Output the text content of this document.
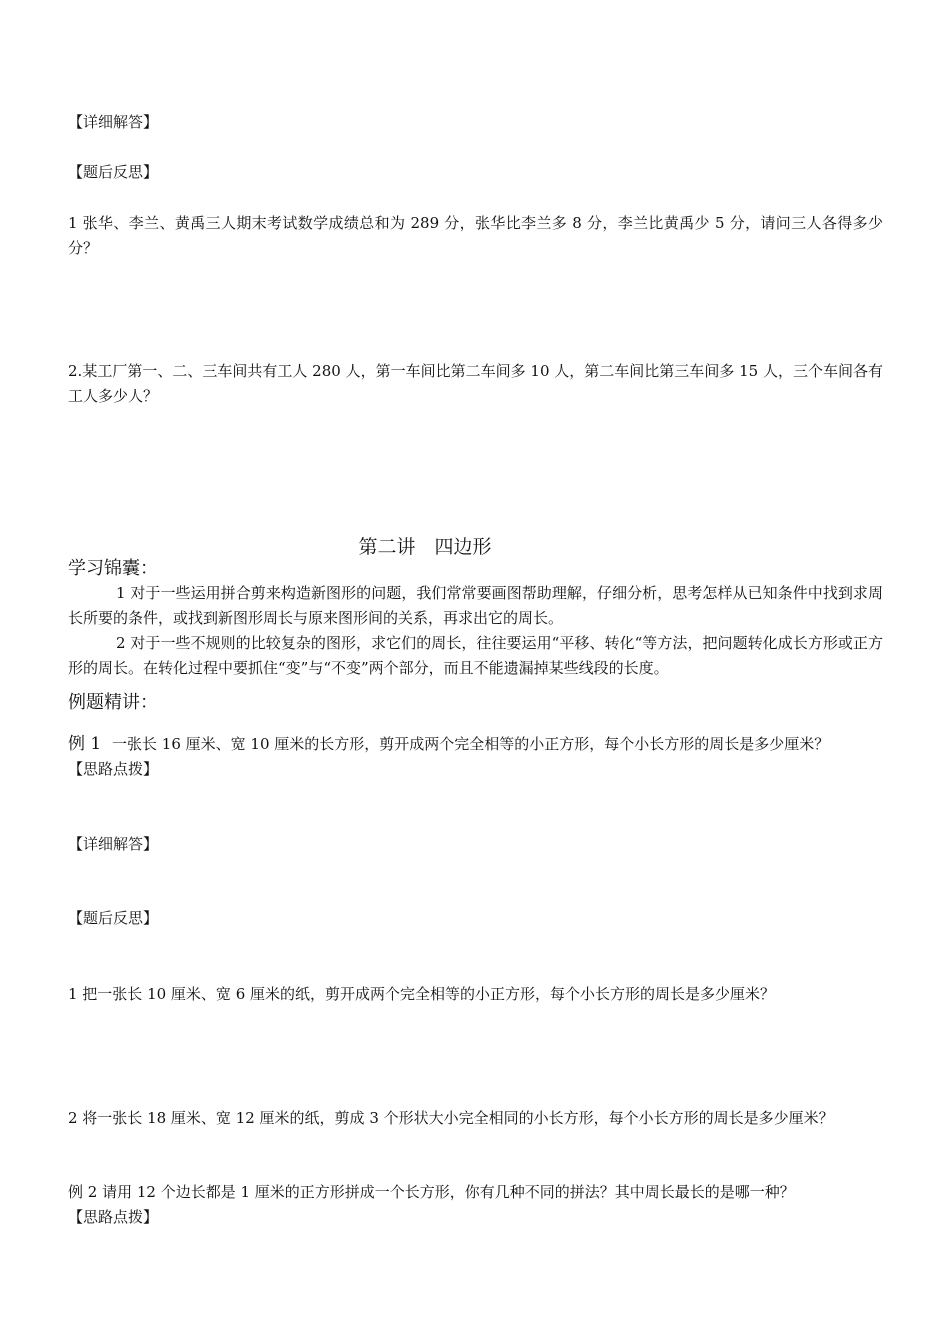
【详细解答】

【题后反思】

1 张华、李兰、黄禹三人期末考试数学成绩总和为 289 分，张华比李兰多 8 分，李兰比黄禹少 5 分，请问三人各得多少分？

2.某工厂第一、二、三车间共有工人 280 人，第一车间比第二车间多 10 人，第二车间比第三车间多 15 人，三个车间各有工人多少人？

第二讲　四边形

学习锦囊：

1 对于一些运用拼合剪来构造新图形的问题，我们常常要画图帮助理解，仔细分析，思考怎样从已知条件中找到求周长所要的条件，或找到新图形周长与原来图形间的关系，再求出它的周长。

2 对于一些不规则的比较复杂的图形，求它们的周长，往往要运用“平移、转化“等方法，把问题转化成长方形或正方形的周长。在转化过程中要抓住“变”与“不变”两个部分，而且不能遗漏掉某些线段的长度。

例题精讲：

例 1 一张长 16 厘米、宽 10 厘米的长方形，剪开成两个完全相等的小正方形，每个小长方形的周长是多少厘米？

【思路点拨】

【详细解答】

【题后反思】

1 把一张长 10 厘米、宽 6 厘米的纸，剪开成两个完全相等的小正方形，每个小长方形的周长是多少厘米？

2 将一张长 18 厘米、宽 12 厘米的纸，剪成 3 个形状大小完全相同的小长方形，每个小长方形的周长是多少厘米？

例 2 请用 12 个边长都是 1 厘米的正方形拼成一个长方形，你有几种不同的拼法？其中周长最长的是哪一种？

【思路点拨】
